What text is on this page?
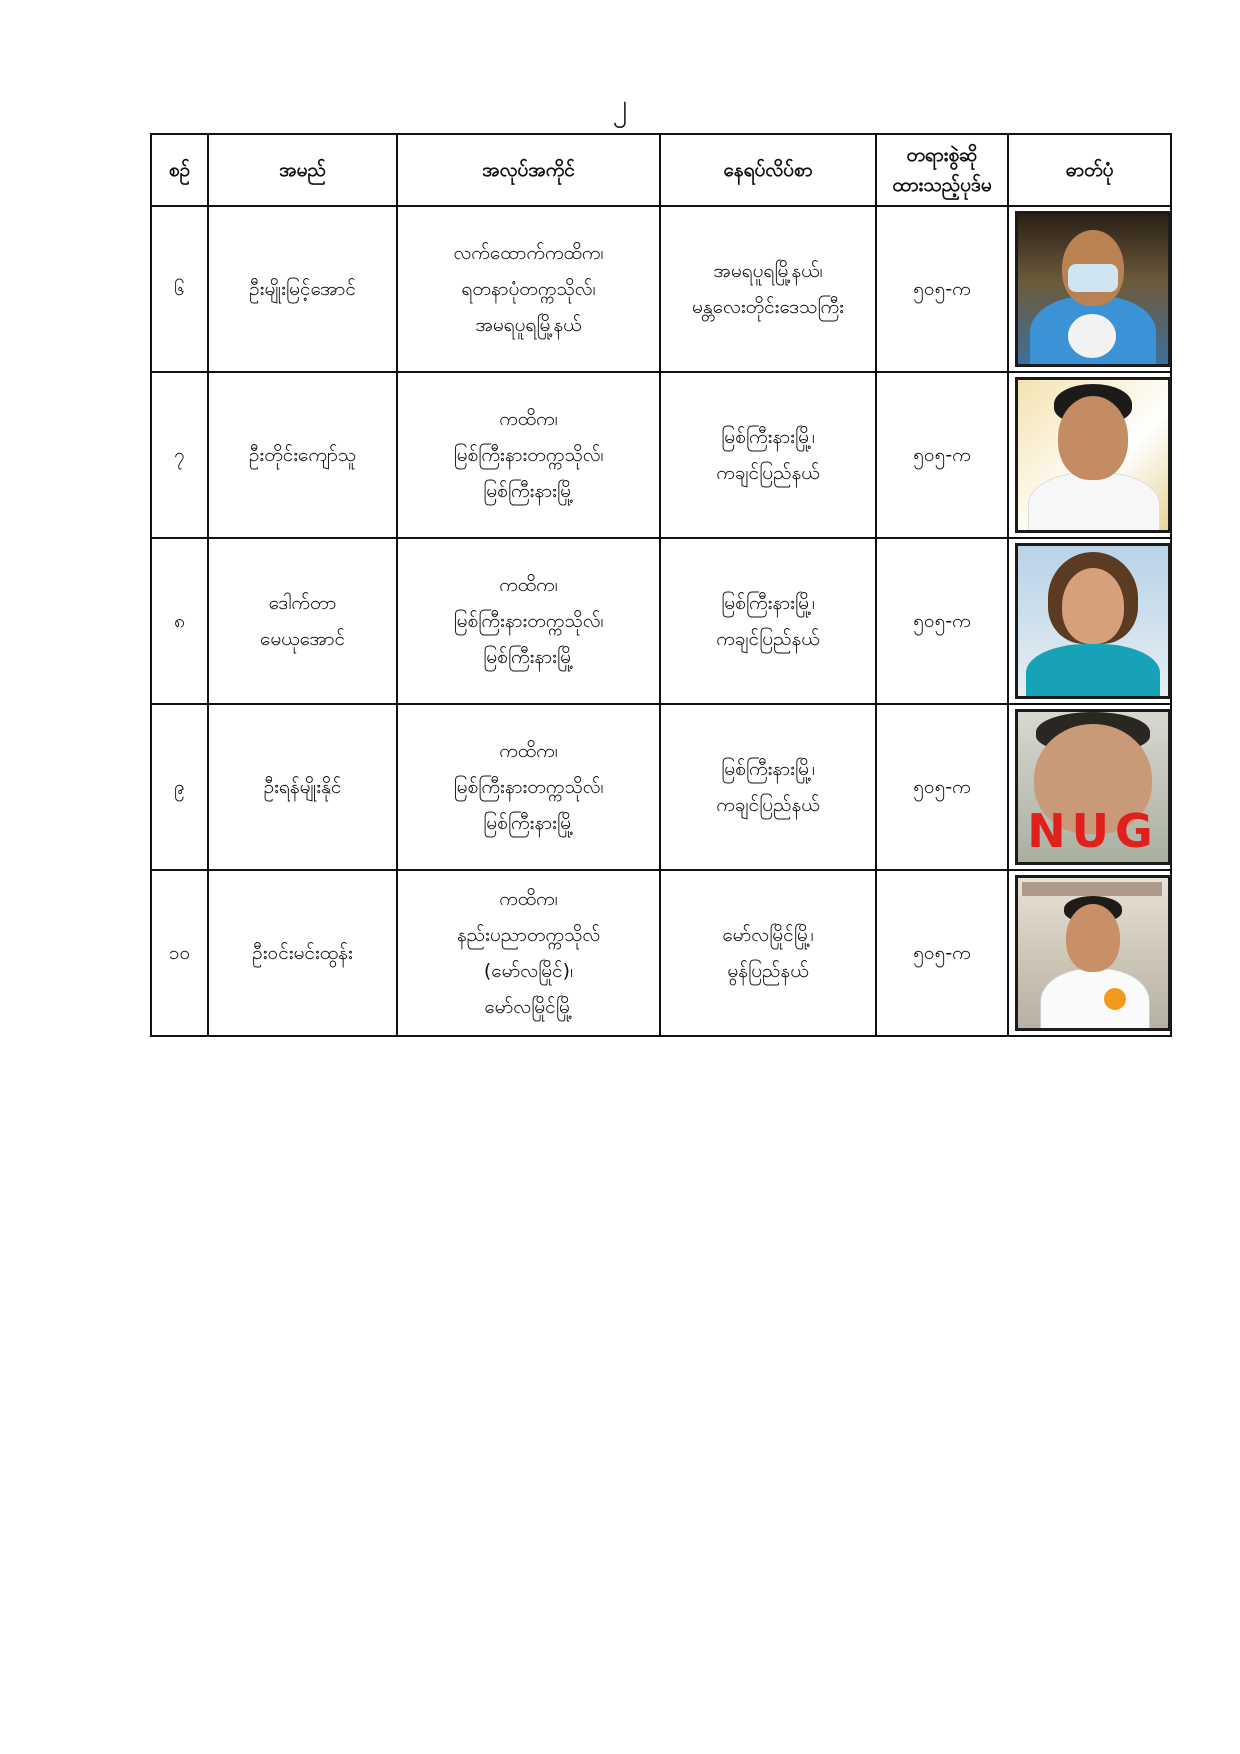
၂
စဉ်	အမည်	အလုပ်အကိုင်	နေရပ်လိပ်စာ	တရားစွဲဆို
ထားသည့်ပုဒ်မ	ဓာတ်ပုံ
၆	ဦးမျိုးမြင့်အောင်	လက်ထောက်ကထိက၊
ရတနာပုံတက္ကသိုလ်၊
အမရပူရမြို့နယ်	အမရပူရမြို့နယ်၊
မန္တလေးတိုင်းဒေသကြီး	၅၀၅-က	

၇	ဦးတိုင်းကျော်သူ	ကထိက၊
မြစ်ကြီးနားတက္ကသိုလ်၊
မြစ်ကြီးနားမြို့	မြစ်ကြီးနားမြို့၊
ကချင်ပြည်နယ်	၅၀၅-က	

၈	ဒေါက်တာ
မေယုအောင်	ကထိက၊
မြစ်ကြီးနားတက္ကသိုလ်၊
မြစ်ကြီးနားမြို့	မြစ်ကြီးနားမြို့၊
ကချင်ပြည်နယ်	၅၀၅-က	

၉	ဦးရန်မျိုးနိုင်	ကထိက၊
မြစ်ကြီးနားတက္ကသိုလ်၊
မြစ်ကြီးနားမြို့	မြစ်ကြီးနားမြို့၊
ကချင်ပြည်နယ်	၅၀၅-က	NUG

၁၀	ဦးဝင်းမင်းထွန်း	ကထိက၊
နည်းပညာတက္ကသိုလ်
(မော်လမြိုင်)၊
မော်လမြိုင်မြို့	မော်လမြိုင်မြို့၊
မွန်ပြည်နယ်	၅၀၅-က	
